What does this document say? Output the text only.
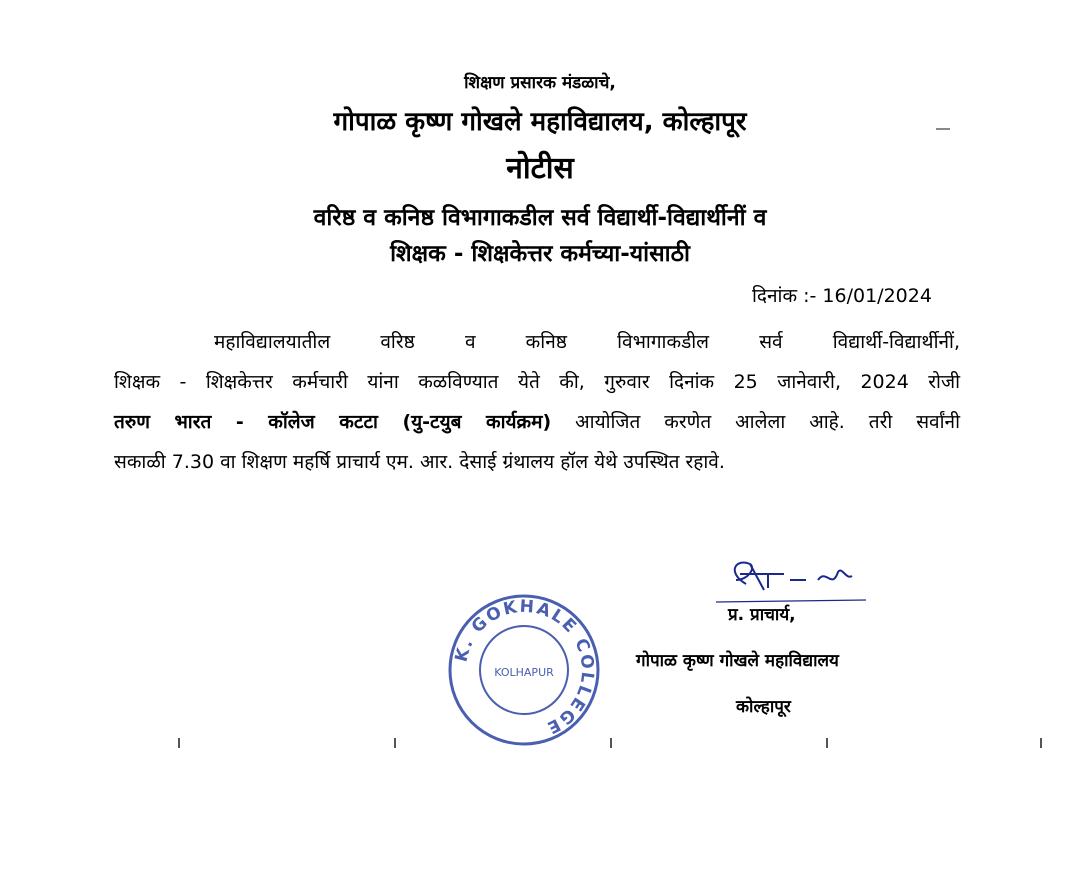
शिक्षण प्रसारक मंडळाचे,
गोपाळ कृष्ण गोखले महाविद्यालय, कोल्हापूर
नोटीस
वरिष्ठ व कनिष्ठ विभागाकडील सर्व विद्यार्थी-विद्यार्थीनीं व
शिक्षक - शिक्षकेत्तर कर्मच्या-यांसाठी
दिनांक :- 16/01/2024
महाविद्यालयातील वरिष्ठ व कनिष्ठ विभागाकडील सर्व विद्यार्थी-विद्यार्थीनीं,
शिक्षक - शिक्षकेत्तर कर्मचारी यांना कळविण्यात येते की, गुरुवार दिनांक 25 जानेवारी, 2024 रोजी
तरुण भारत - कॉलेज कटटा (यु-टयुब कार्यक्रम) आयोजित करणेत आलेला आहे. तरी सर्वांनी
सकाळी 7.30 वा शिक्षण महर्षि प्राचार्य एम. आर. देसाई ग्रंथालय हॉल येथे उपस्थित रहावे.
प्र. प्राचार्य,
गोपाळ कृष्ण गोखले महाविद्यालय
कोल्हापूर
K. GOKHALE COLLEGE
KOLHAPUR
